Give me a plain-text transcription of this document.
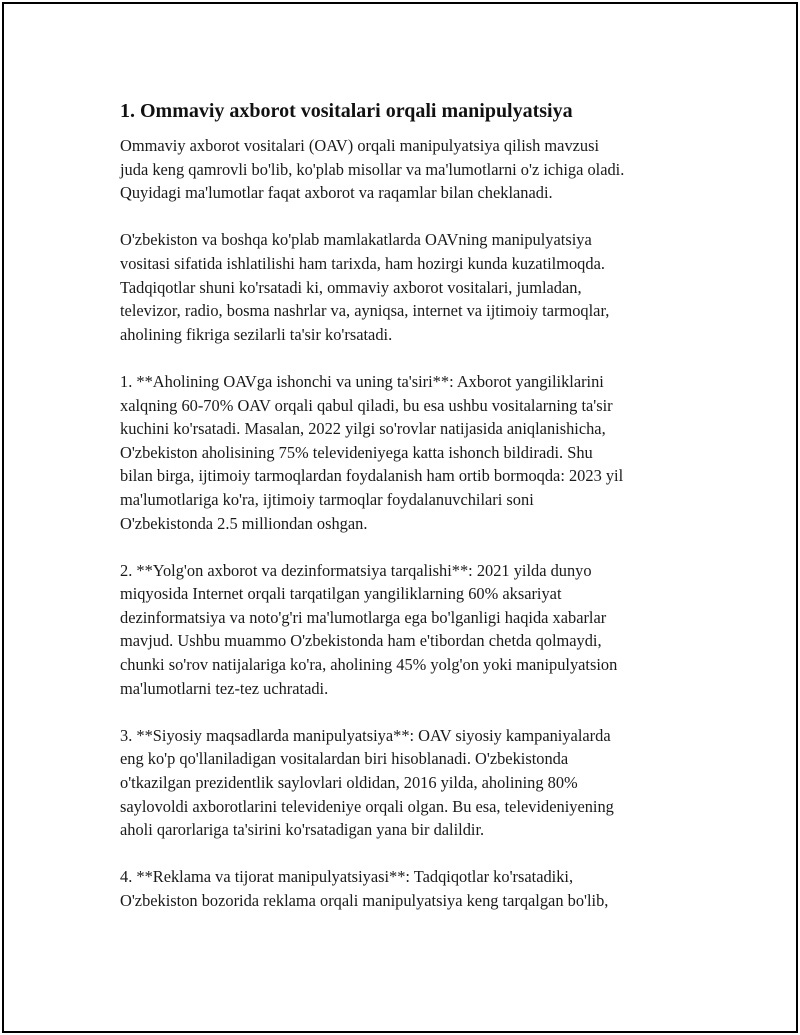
1. Ommaviy axborot vositalari orqali manipulyatsiya

Ommaviy axborot vositalari (OAV) orqali manipulyatsiya qilish mavzusi
juda keng qamrovli bo'lib, ko'plab misollar va ma'lumotlarni o'z ichiga oladi.
Quyidagi ma'lumotlar faqat axborot va raqamlar bilan cheklanadi.

O'zbekiston va boshqa ko'plab mamlakatlarda OAVning manipulyatsiya
vositasi sifatida ishlatilishi ham tarixda, ham hozirgi kunda kuzatilmoqda.
Tadqiqotlar shuni ko'rsatadi ki, ommaviy axborot vositalari, jumladan,
televizor, radio, bosma nashrlar va, ayniqsa, internet va ijtimoiy tarmoqlar,
aholining fikriga sezilarli ta'sir ko'rsatadi.

1. **Aholining OAVga ishonchi va uning ta'siri**: Axborot yangiliklarini
xalqning 60-70% OAV orqali qabul qiladi, bu esa ushbu vositalarning ta'sir
kuchini ko'rsatadi. Masalan, 2022 yilgi so'rovlar natijasida aniqlanishicha,
O'zbekiston aholisining 75% televideniyega katta ishonch bildiradi. Shu
bilan birga, ijtimoiy tarmoqlardan foydalanish ham ortib bormoqda: 2023 yil
ma'lumotlariga ko'ra, ijtimoiy tarmoqlar foydalanuvchilari soni
O'zbekistonda 2.5 milliondan oshgan.

2. **Yolg'on axborot va dezinformatsiya tarqalishi**: 2021 yilda dunyo
miqyosida Internet orqali tarqatilgan yangiliklarning 60% aksariyat
dezinformatsiya va noto'g'ri ma'lumotlarga ega bo'lganligi haqida xabarlar
mavjud. Ushbu muammo O'zbekistonda ham e'tibordan chetda qolmaydi,
chunki so'rov natijalariga ko'ra, aholining 45% yolg'on yoki manipulyatsion
ma'lumotlarni tez-tez uchratadi.

3. **Siyosiy maqsadlarda manipulyatsiya**: OAV siyosiy kampaniyalarda
eng ko'p qo'llaniladigan vositalardan biri hisoblanadi. O'zbekistonda
o'tkazilgan prezidentlik saylovlari oldidan, 2016 yilda, aholining 80%
saylovoldi axborotlarini televideniye orqali olgan. Bu esa, televideniyening
aholi qarorlariga ta'sirini ko'rsatadigan yana bir dalildir.

4. **Reklama va tijorat manipulyatsiyasi**: Tadqiqotlar ko'rsatadiki,
O'zbekiston bozorida reklama orqali manipulyatsiya keng tarqalgan bo'lib,
